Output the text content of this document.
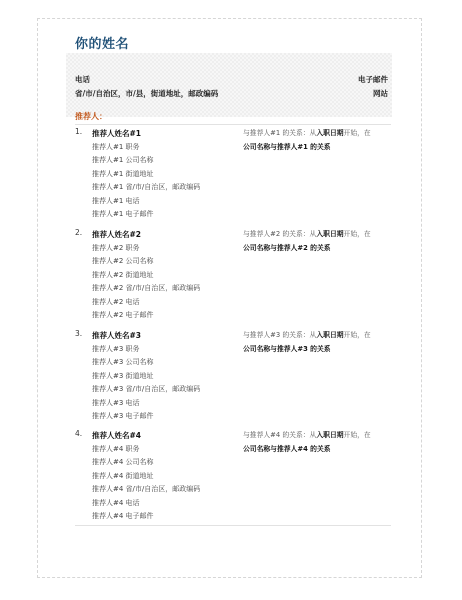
你的姓名
电话
省/市/自治区，市/县，街道地址，邮政编码
电子邮件
网站
推荐人：
1. 推荐人姓名#1
推荐人#1 职务
推荐人#1 公司名称
推荐人#1 街道地址
推荐人#1 省/市/自治区，邮政编码
推荐人#1 电话
推荐人#1 电子邮件
与推荐人#1 的关系：从入职日期开始，在
公司名称与推荐人#1 的关系
2. 推荐人姓名#2
推荐人#2 职务
推荐人#2 公司名称
推荐人#2 街道地址
推荐人#2 省/市/自治区，邮政编码
推荐人#2 电话
推荐人#2 电子邮件
与推荐人#2 的关系：从入职日期开始，在
公司名称与推荐人#2 的关系
3. 推荐人姓名#3
推荐人#3 职务
推荐人#3 公司名称
推荐人#3 街道地址
推荐人#3 省/市/自治区，邮政编码
推荐人#3 电话
推荐人#3 电子邮件
与推荐人#3 的关系：从入职日期开始，在
公司名称与推荐人#3 的关系
4. 推荐人姓名#4
推荐人#4 职务
推荐人#4 公司名称
推荐人#4 街道地址
推荐人#4 省/市/自治区，邮政编码
推荐人#4 电话
推荐人#4 电子邮件
与推荐人#4 的关系：从入职日期开始，在
公司名称与推荐人#4 的关系
